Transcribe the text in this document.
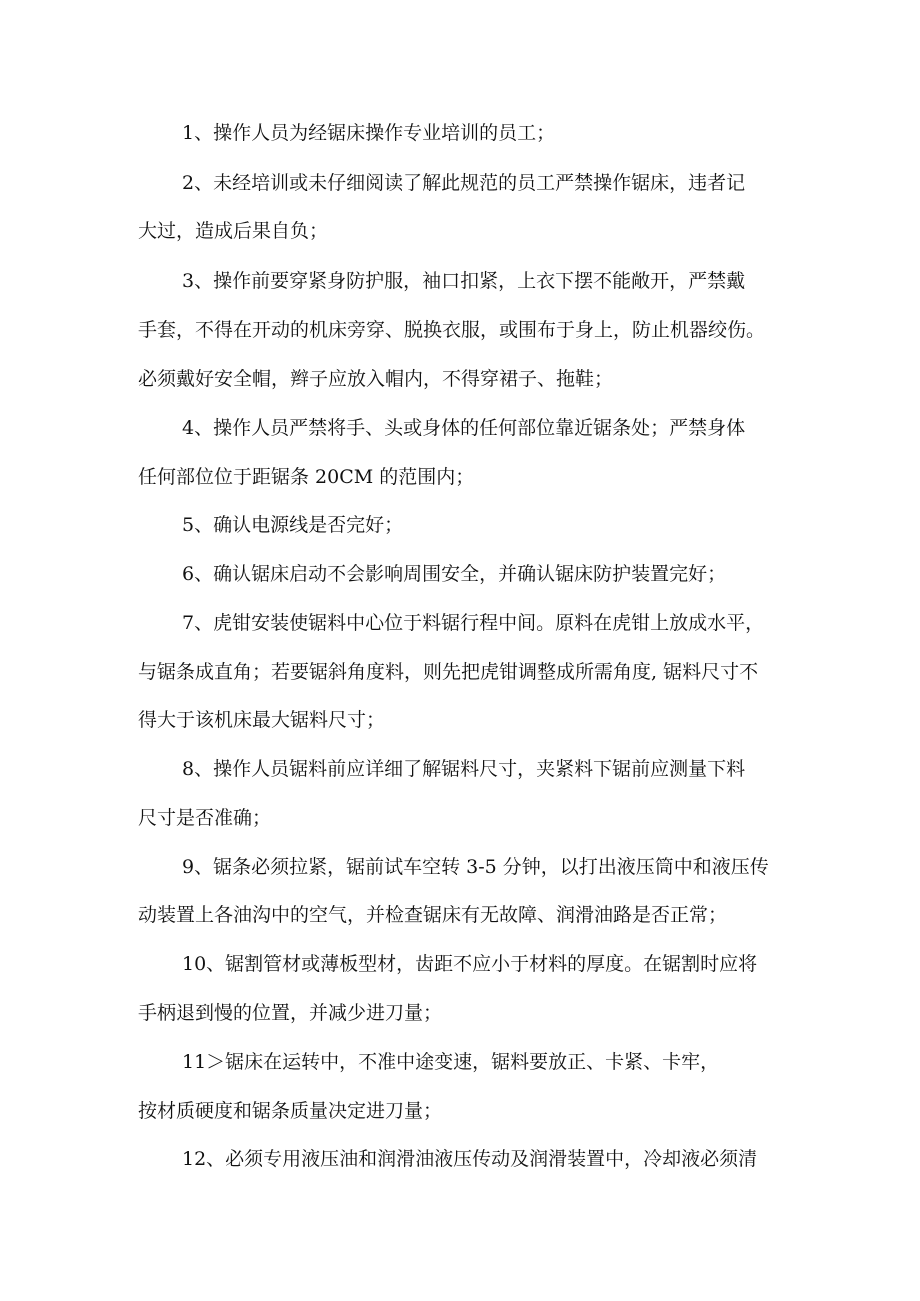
1、操作人员为经锯床操作专业培训的员工；
2、未经培训或未仔细阅读了解此规范的员工严禁操作锯床，违者记
大过，造成后果自负；
3、操作前要穿紧身防护服，袖口扣紧，上衣下摆不能敞开，严禁戴
手套，不得在开动的机床旁穿、脱换衣服，或围布于身上，防止机器绞伤。
必须戴好安全帽，辫子应放入帽内，不得穿裙子、拖鞋；
4、操作人员严禁将手、头或身体的任何部位靠近锯条处；严禁身体
任何部位位于距锯条 20CM 的范围内；
5、确认电源线是否完好；
6、确认锯床启动不会影响周围安全，并确认锯床防护装置完好；
7、虎钳安装使锯料中心位于料锯行程中间。原料在虎钳上放成水平，
与锯条成直角；若要锯斜角度料，则先把虎钳调整成所需角度, 锯料尺寸不
得大于该机床最大锯料尺寸；
8、操作人员锯料前应详细了解锯料尺寸，夹紧料下锯前应测量下料
尺寸是否准确；
9、锯条必须拉紧，锯前试车空转 3-5 分钟，以打出液压筒中和液压传
动装置上各油沟中的空气，并检查锯床有无故障、润滑油路是否正常；
10、锯割管材或薄板型材，齿距不应小于材料的厚度。在锯割时应将
手柄退到慢的位置，并减少进刀量；
11＞锯床在运转中，不准中途变速，锯料要放正、卡紧、卡牢，
按材质硬度和锯条质量决定进刀量；
12、必须专用液压油和润滑油液压传动及润滑装置中，冷却液必须清
